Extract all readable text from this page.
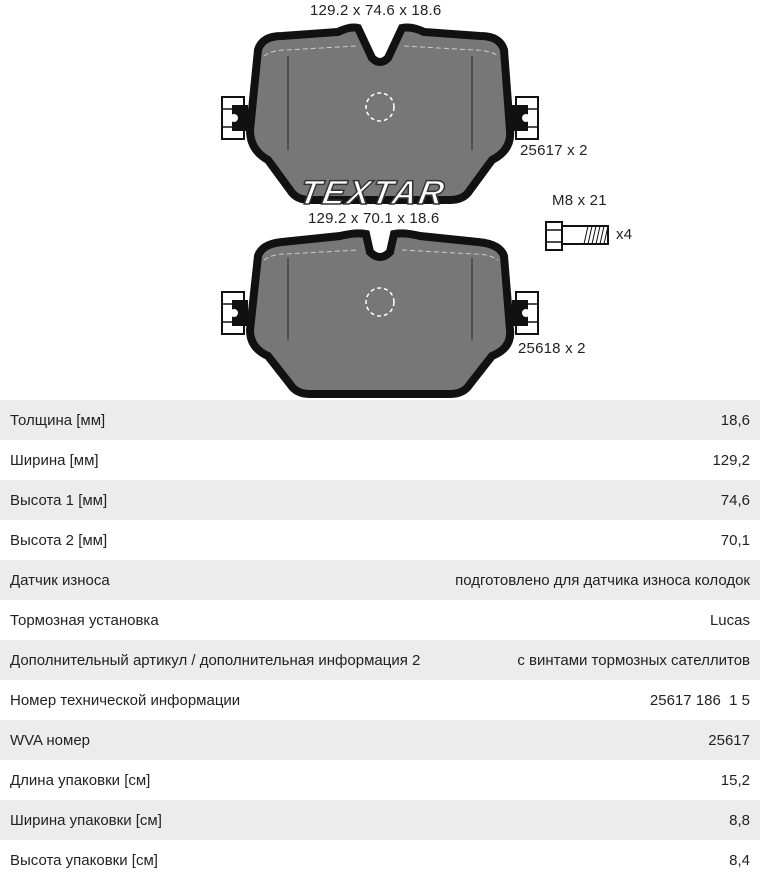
129.2 x 74.6 x 18.6
25617 x 2
TEXTAR
129.2 x 70.1 x 18.6
M8 x 21
x4
25618 x 2
Толщина [мм]	18,6
Ширина [мм]	129,2
Высота 1 [мм]	74,6
Высота 2 [мм]	70,1
Датчик износа	подготовлено для датчика износа колодок
Тормозная установка	Lucas
Дополнительный артикул / дополнительная информация 2	с винтами тормозных сателлитов
Номер технической информации	25617 186  1 5
WVA номер	25617
Длина упаковки [см]	15,2
Ширина упаковки [см]	8,8
Высота упаковки [см]	8,4
